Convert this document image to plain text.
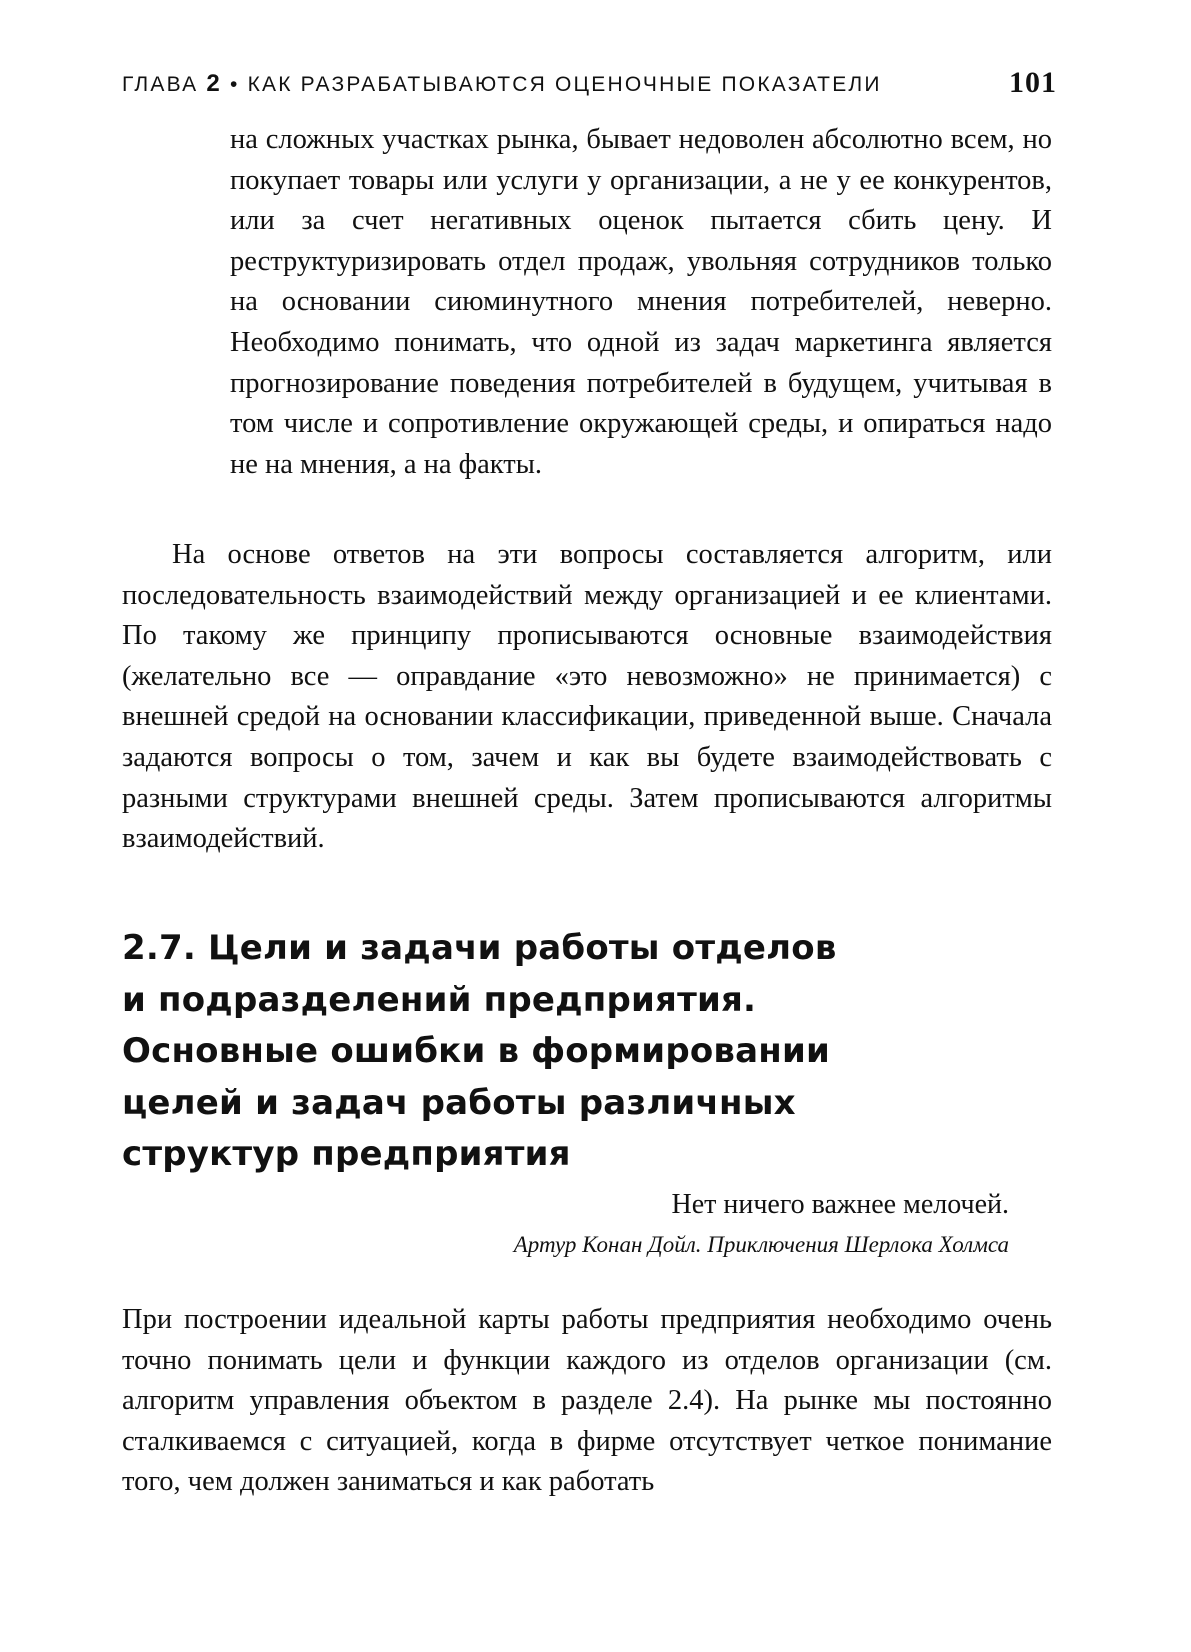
ГЛАВА 2 • КАК РАЗРАБАТЫВАЮТСЯ ОЦЕНОЧНЫЕ ПОКАЗАТЕЛИ	101

на сложных участках рынка, бывает недоволен абсолютно всем, но покупает товары или услуги у организации, а не у ее конкурентов, или за счет негативных оценок пытается сбить цену. И реструктуризировать отдел продаж, увольняя сотрудников только на основании сиюминутного мнения потребителей, неверно. Необходимо понимать, что одной из задач маркетинга является прогнозирование поведения потребителей в будущем, учитывая в том числе и сопротивление окружающей среды, и опираться надо не на мнения, а на факты.

На основе ответов на эти вопросы составляется алгоритм, или последовательность взаимодействий между организацией и ее клиентами. По такому же принципу прописываются основные взаимодействия (желательно все — оправдание «это невозможно» не принимается) с внешней средой на основании классификации, приведенной выше. Сначала задаются вопросы о том, зачем и как вы будете взаимодействовать с разными структурами внешней среды. Затем прописываются алгоритмы взаимодействий.

2.7. Цели и задачи работы отделов
и подразделений предприятия.
Основные ошибки в формировании
целей и задач работы различных
структур предприятия
Нет ничего важнее мелочей.
Артур Конан Дойл. Приключения Шерлока Холмса

При построении идеальной карты работы предприятия необходимо очень точно понимать цели и функции каждого из отделов организации (см. алгоритм управления объектом в разделе 2.4). На рынке мы постоянно сталкиваемся с ситуацией, когда в фирме отсутствует четкое понимание того, чем должен заниматься и как работать
